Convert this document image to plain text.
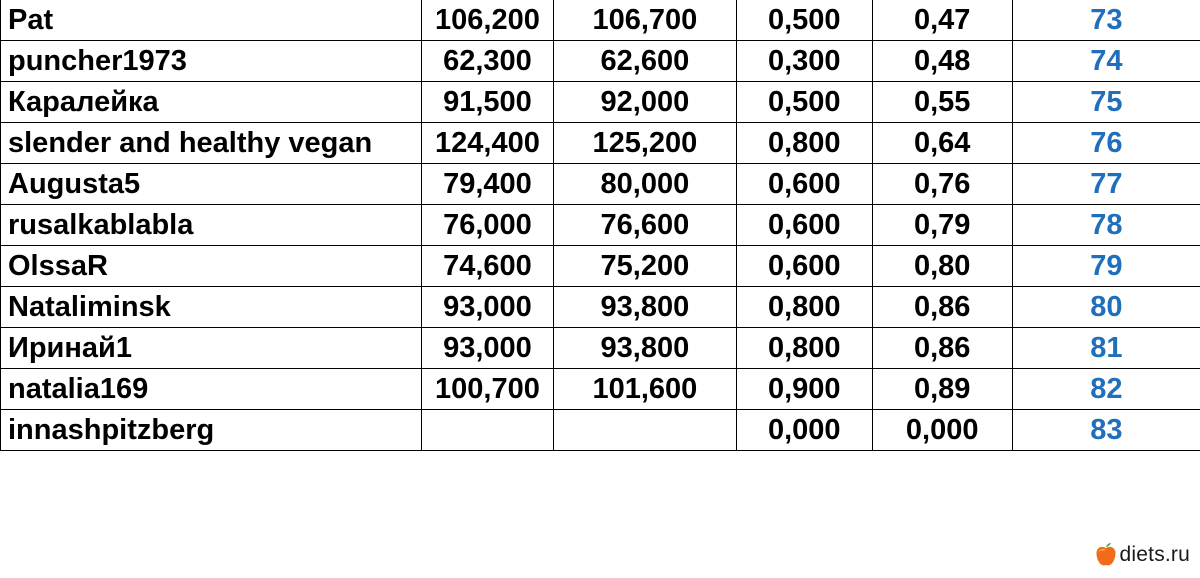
Pat	106,200	106,700	0,500	0,47	73
puncher1973	62,300	62,600	0,300	0,48	74
Каралейка	91,500	92,000	0,500	0,55	75
slender and healthy vegan	124,400	125,200	0,800	0,64	76
Augusta5	79,400	80,000	0,600	0,76	77
rusalkablabla	76,000	76,600	0,600	0,79	78
OlssaR	74,600	75,200	0,600	0,80	79
Nataliminsk	93,000	93,800	0,800	0,86	80
Иринай1	93,000	93,800	0,800	0,86	81
natalia169	100,700	101,600	0,900	0,89	82
innashpitzberg			0,000	0,000	83
diets.ru
